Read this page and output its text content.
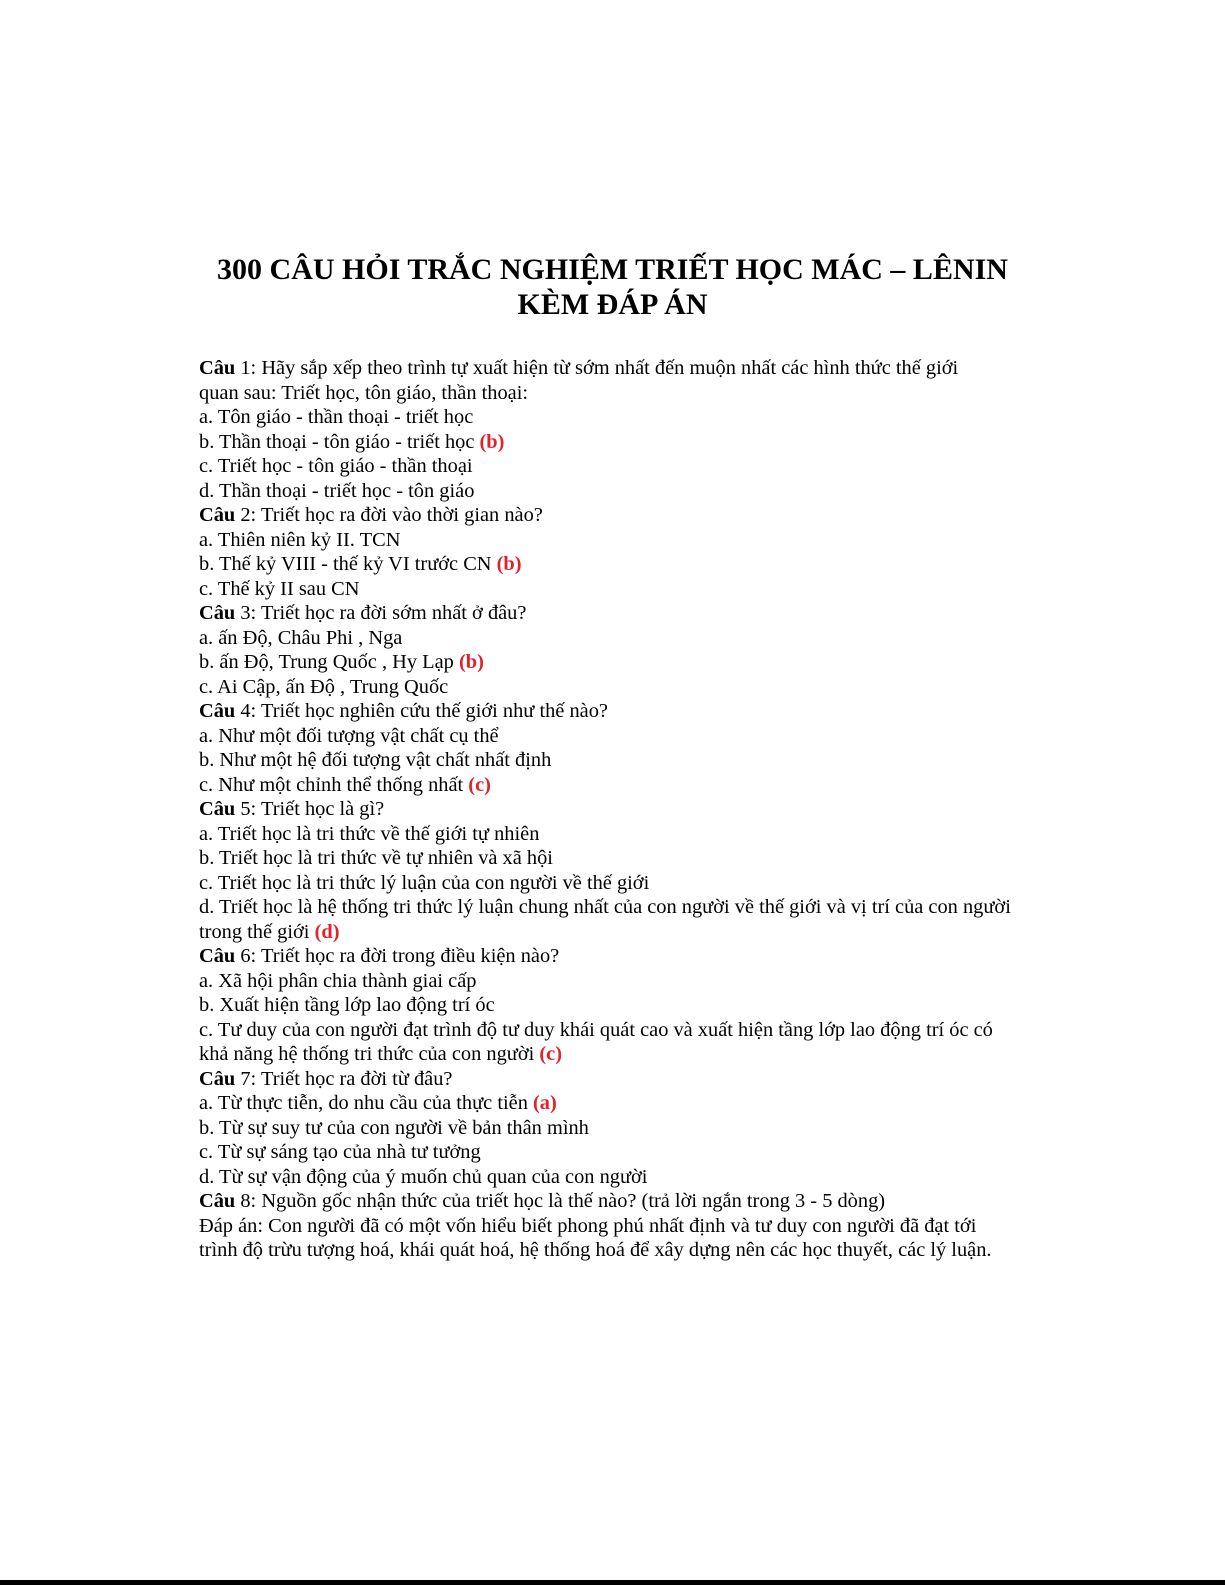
300 CÂU HỎI TRẮC NGHIỆM TRIẾT HỌC MÁC – LÊNIN
KÈM ĐÁP ÁN

Câu 1: Hãy sắp xếp theo trình tự xuất hiện từ sớm nhất đến muộn nhất các hình thức thế giới

quan sau: Triết học, tôn giáo, thần thoại:

a. Tôn giáo - thần thoại - triết học

b. Thần thoại - tôn giáo - triết học (b)

c. Triết học - tôn giáo - thần thoại

d. Thần thoại - triết học - tôn giáo

Câu 2: Triết học ra đời vào thời gian nào?

a. Thiên niên kỷ II. TCN

b. Thế kỷ VIII - thế kỷ VI trước CN (b)

c. Thế kỷ II sau CN

Câu 3: Triết học ra đời sớm nhất ở đâu?

a. ấn Độ, Châu Phi , Nga

b. ấn Độ, Trung Quốc , Hy Lạp (b)

c. Ai Cập, ấn Độ , Trung Quốc

Câu 4: Triết học nghiên cứu thế giới như thế nào?

a. Như một đối tượng vật chất cụ thể

b. Như một hệ đối tượng vật chất nhất định

c. Như một chỉnh thể thống nhất (c)

Câu 5: Triết học là gì?

a. Triết học là tri thức về thế giới tự nhiên

b. Triết học là tri thức về tự nhiên và xã hội

c. Triết học là tri thức lý luận của con người về thế giới

d. Triết học là hệ thống tri thức lý luận chung nhất của con người về thế giới và vị trí của con người trong thế giới (d)

Câu 6: Triết học ra đời trong điều kiện nào?

a. Xã hội phân chia thành giai cấp

b. Xuất hiện tầng lớp lao động trí óc

c. Tư duy của con người đạt trình độ tư duy khái quát cao và xuất hiện tầng lớp lao động trí óc có khả năng hệ thống tri thức của con người (c)

Câu 7: Triết học ra đời từ đâu?

a. Từ thực tiễn, do nhu cầu của thực tiễn (a)

b. Từ sự suy tư của con người về bản thân mình

c. Từ sự sáng tạo của nhà tư tưởng

d. Từ sự vận động của ý muốn chủ quan của con người

Câu 8: Nguồn gốc nhận thức của triết học là thế nào? (trả lời ngắn trong 3 - 5 dòng)

Đáp án: Con người đã có một vốn hiểu biết phong phú nhất định và tư duy con người đã đạt tới trình độ trừu tượng hoá, khái quát hoá, hệ thống hoá để xây dựng nên các học thuyết, các lý luận.
